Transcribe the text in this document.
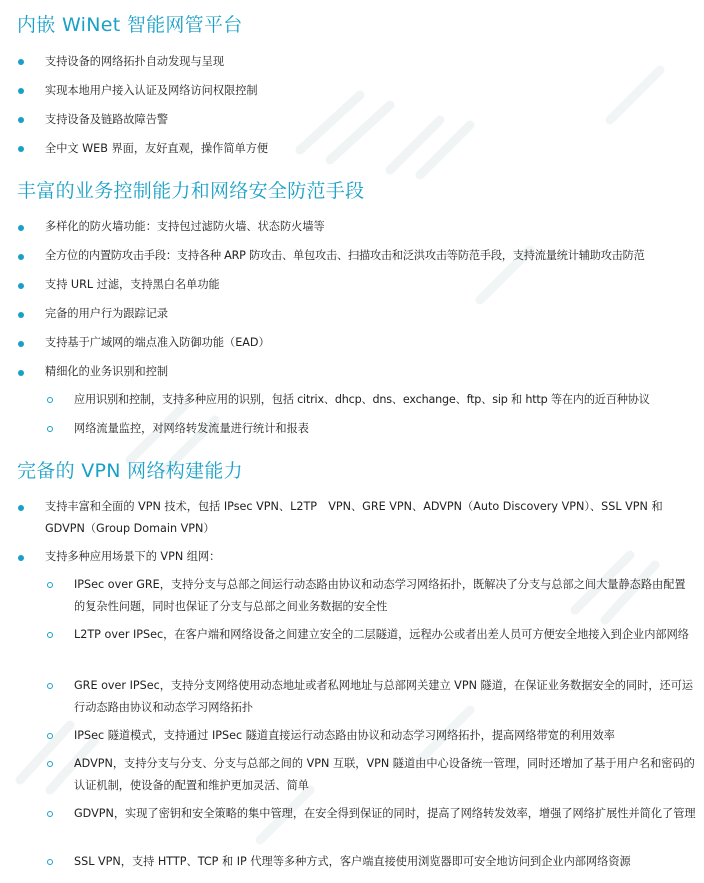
内嵌 WiNet 智能网管平台
支持设备的网络拓扑自动发现与呈现
实现本地用户接入认证及网络访问权限控制
支持设备及链路故障告警
全中文 WEB 界面，友好直观，操作简单方便
丰富的业务控制能力和网络安全防范手段
多样化的防火墙功能：支持包过滤防火墙、状态防火墙等
全方位的内置防攻击手段：支持各种 ARP 防攻击、单包攻击、扫描攻击和泛洪攻击等防范手段，支持流量统计辅助攻击防范
支持 URL 过滤，支持黑白名单功能
完备的用户行为跟踪记录
支持基于广域网的端点准入防御功能（EAD）
精细化的业务识别和控制
应用识别和控制，支持多种应用的识别，包括 citrix、dhcp、dns、exchange、ftp、sip 和 http 等在内的近百种协议
网络流量监控，对网络转发流量进行统计和报表
完备的 VPN 网络构建能力
支持丰富和全面的 VPN 技术，包括 IPsec VPN、L2TP　VPN、GRE VPN、ADVPN（Auto Discovery VPN）、SSL VPN 和 GDVPN（Group Domain VPN）
支持多种应用场景下的 VPN 组网：
IPSec over GRE，支持分支与总部之间运行动态路由协议和动态学习网络拓扑，既解决了分支与总部之间大量静态路由配置的复杂性问题，同时也保证了分支与总部之间业务数据的安全性
L2TP over IPSec，在客户端和网络设备之间建立安全的二层隧道，远程办公或者出差人员可方便安全地接入到企业内部网络
GRE over IPSec，支持分支网络使用动态地址或者私网地址与总部网关建立 VPN 隧道，在保证业务数据安全的同时，还可运行动态路由协议和动态学习网络拓扑
IPSec 隧道模式，支持通过 IPSec 隧道直接运行动态路由协议和动态学习网络拓扑，提高网络带宽的利用效率
ADVPN，支持分支与分支、分支与总部之间的 VPN 互联，VPN 隧道由中心设备统一管理，同时还增加了基于用户名和密码的认证机制，使设备的配置和维护更加灵活、简单
GDVPN，实现了密钥和安全策略的集中管理，在安全得到保证的同时，提高了网络转发效率，增强了网络扩展性并简化了管理
SSL VPN，支持 HTTP、TCP 和 IP 代理等多种方式，客户端直接使用浏览器即可安全地访问到企业内部网络资源
